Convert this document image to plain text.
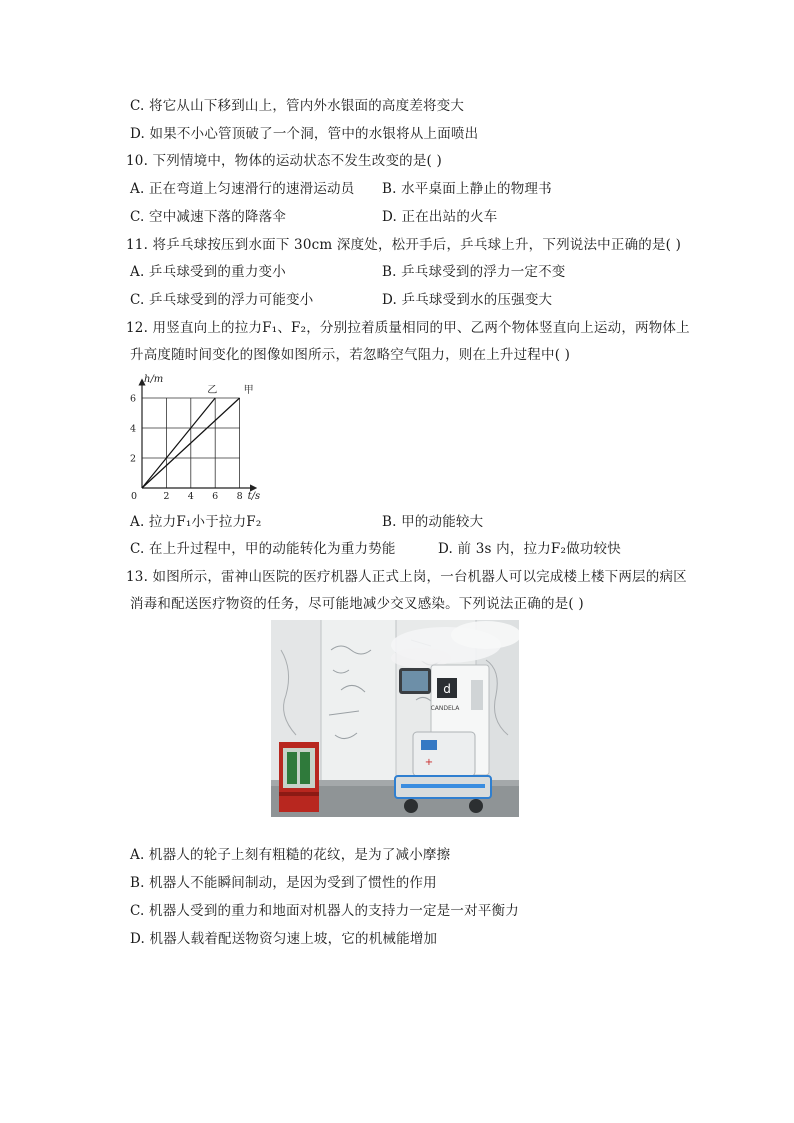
C. 将它从山下移到山上，管内外水银面的高度差将变大
D. 如果不小心管顶破了一个洞，管中的水银将从上面喷出
10. 下列情境中，物体的运动状态不发生改变的是( )
A. 正在弯道上匀速滑行的速滑运动员 B. 水平桌面上静止的物理书
C. 空中减速下落的降落伞	D. 正在出站的火车
11. 将乒乓球按压到水面下 30cm 深度处，松开手后，乒乓球上升，下列说法中正确的是( )
A. 乒乓球受到的重力变小	B. 乒乓球受到的浮力一定不变
C. 乒乓球受到的浮力可能变小	D. 乒乓球受到水的压强变大
12. 用竖直向上的拉力F₁、F₂，分别拉着质量相同的甲、乙两个物体竖直向上运动，两物体上
升高度随时间变化的图像如图所示，若忽略空气阻力，则在上升过程中( )
0	2 4 6 8
2
4
6
乙	甲
t/s
h/m
A. 拉力F₁小于拉力F₂	B. 甲的动能较大
C. 在上升过程中，甲的动能转化为重力势能	D. 前 3s 内，拉力F₂做功较快
13. 如图所示，雷神山医院的医疗机器人正式上岗，一台机器人可以完成楼上楼下两层的病区
消毒和配送医疗物资的任务，尽可能地减少交叉感染。下列说法正确的是( )
d
CANDELA
+
A. 机器人的轮子上刻有粗糙的花纹，是为了减小摩擦
B. 机器人不能瞬间制动，是因为受到了惯性的作用
C. 机器人受到的重力和地面对机器人的支持力一定是一对平衡力
D. 机器人载着配送物资匀速上坡，它的机械能增加
